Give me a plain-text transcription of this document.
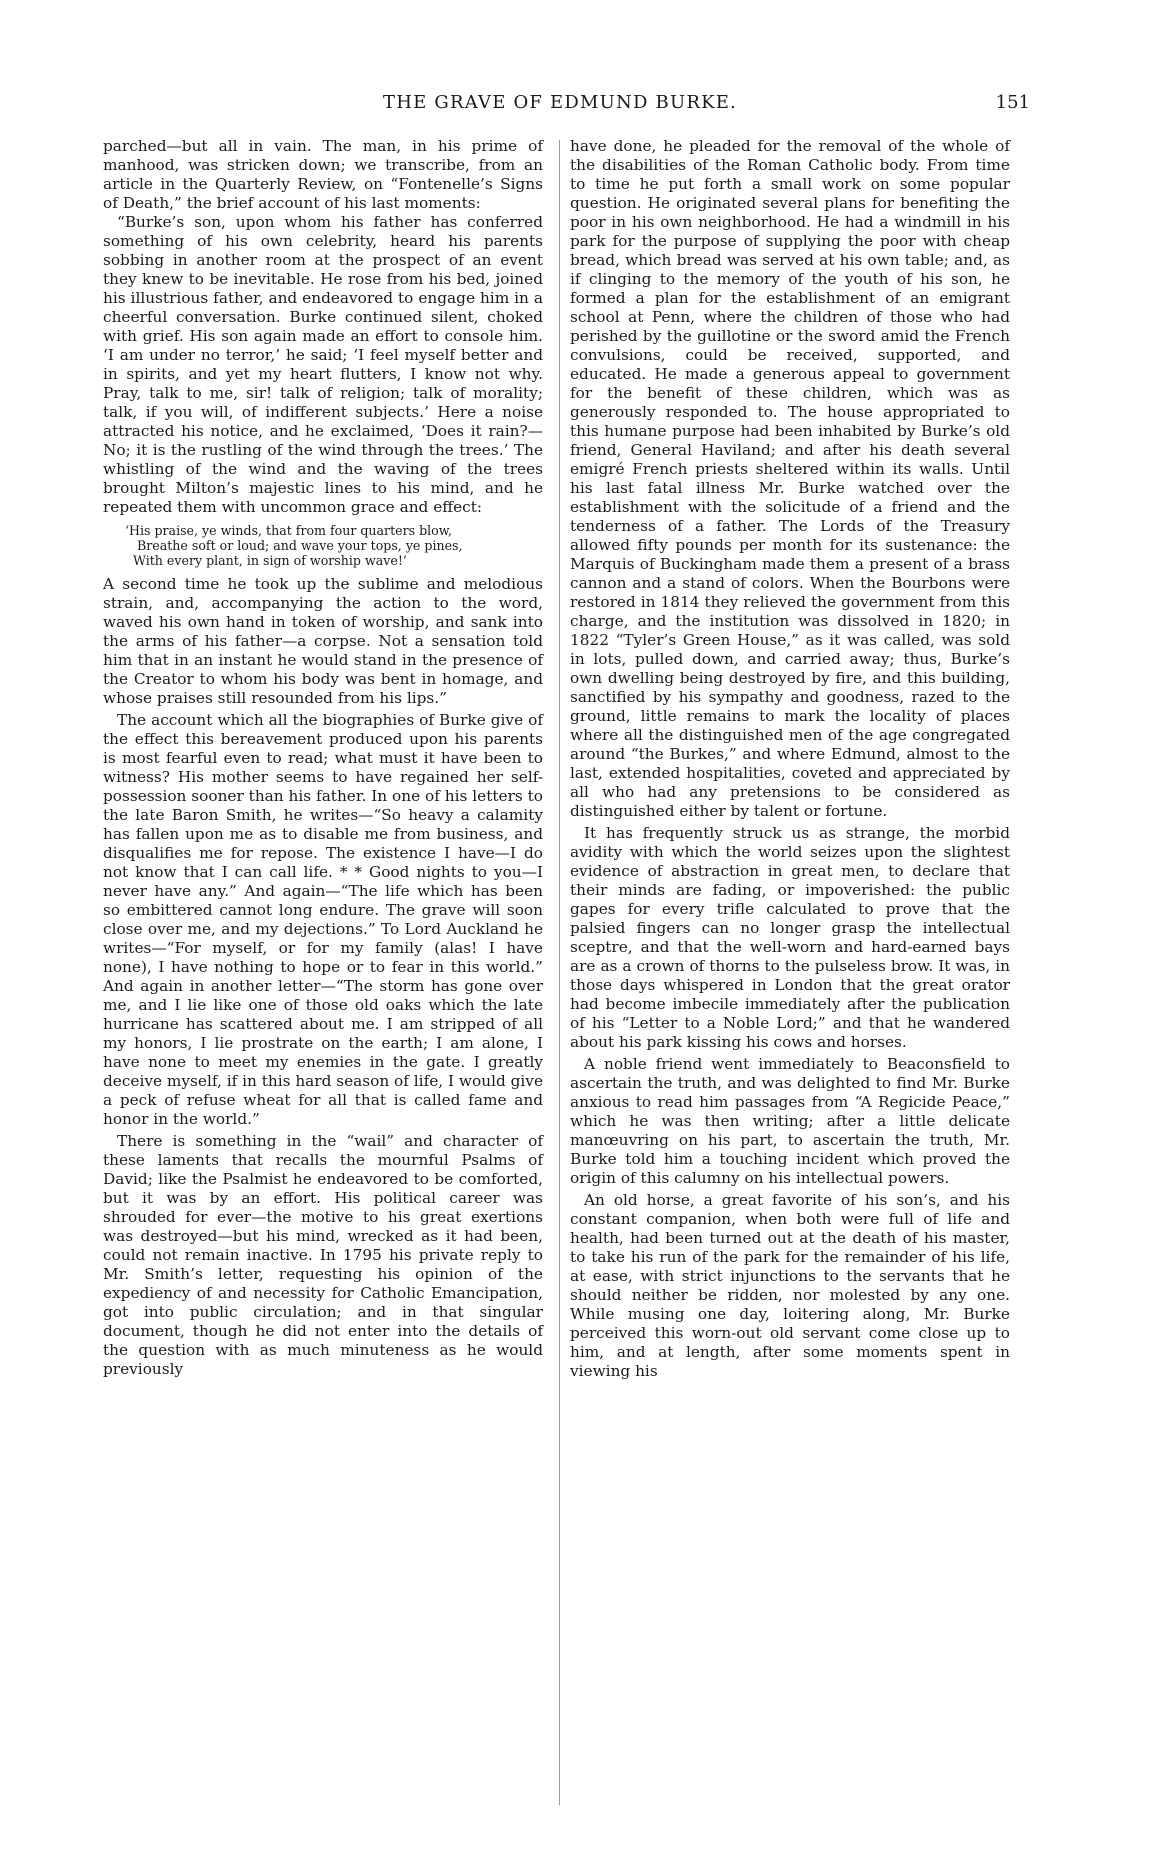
THE GRAVE OF EDMUND BURKE.	151

parched—but all in vain. The man, in his prime of manhood, was stricken down; we transcribe, from an article in the Quarterly Review, on “Fontenelle’s Signs of Death,” the brief account of his last moments:

“Burke’s son, upon whom his father has conferred something of his own celebrity, heard his parents sobbing in another room at the prospect of an event they knew to be inevitable. He rose from his bed, joined his illustrious father, and endeavored to engage him in a cheerful conversation. Burke continued silent, choked with grief. His son again made an effort to console him. ‘I am under no terror,’ he said; ‘I feel myself better and in spirits, and yet my heart flutters, I know not why. Pray, talk to me, sir! talk of religion; talk of morality; talk, if you will, of indifferent subjects.’ Here a noise attracted his notice, and he exclaimed, ‘Does it rain?—No; it is the rustling of the wind through the trees.’ The whistling of the wind and the waving of the trees brought Milton’s majestic lines to his mind, and he repeated them with uncommon grace and effect:

‘His praise, ye winds, that from four quarters blow,
Breathe soft or loud; and wave your tops, ye pines,
With every plant, in sign of worship wave!’

A second time he took up the sublime and melodious strain, and, accompanying the action to the word, waved his own hand in token of worship, and sank into the arms of his father—a corpse. Not a sensation told him that in an instant he would stand in the presence of the Creator to whom his body was bent in homage, and whose praises still resounded from his lips.”

The account which all the biographies of Burke give of the effect this bereavement produced upon his parents is most fearful even to read; what must it have been to witness? His mother seems to have regained her self-possession sooner than his father. In one of his letters to the late Baron Smith, he writes—“So heavy a calamity has fallen upon me as to disable me from business, and disqualifies me for repose. The existence I have—I do not know that I can call life. * * Good nights to you—I never have any.” And again—“The life which has been so embittered cannot long endure. The grave will soon close over me, and my dejections.” To Lord Auckland he writes—“For myself, or for my family (alas! I have none), I have nothing to hope or to fear in this world.” And again in another letter—“The storm has gone over me, and I lie like one of those old oaks which the late hurricane has scattered about me. I am stripped of all my honors, I lie prostrate on the earth; I am alone, I have none to meet my enemies in the gate. I greatly deceive myself, if in this hard season of life, I would give a peck of refuse wheat for all that is called fame and honor in the world.”

There is something in the “wail” and character of these laments that recalls the mournful Psalms of David; like the Psalmist he endeavored to be comforted, but it was by an effort. His political career was shrouded for ever—the motive to his great exertions was destroyed—but his mind, wrecked as it had been, could not remain inactive. In 1795 his private reply to Mr. Smith’s letter, requesting his opinion of the expediency of and necessity for Catholic Emancipation, got into public circulation; and in that singular document, though he did not enter into the details of the question with as much minuteness as he would previously

have done, he pleaded for the removal of the whole of the disabilities of the Roman Catholic body. From time to time he put forth a small work on some popular question. He originated several plans for benefiting the poor in his own neighborhood. He had a windmill in his park for the purpose of supplying the poor with cheap bread, which bread was served at his own table; and, as if clinging to the memory of the youth of his son, he formed a plan for the establishment of an emigrant school at Penn, where the children of those who had perished by the guillotine or the sword amid the French convulsions, could be received, supported, and educated. He made a generous appeal to government for the benefit of these children, which was as generously responded to. The house appropriated to this humane purpose had been inhabited by Burke’s old friend, General Haviland; and after his death several emigré French priests sheltered within its walls. Until his last fatal illness Mr. Burke watched over the establishment with the solicitude of a friend and the tenderness of a father. The Lords of the Treasury allowed fifty pounds per month for its sustenance: the Marquis of Buckingham made them a present of a brass cannon and a stand of colors. When the Bourbons were restored in 1814 they relieved the government from this charge, and the institution was dissolved in 1820; in 1822 “Tyler’s Green House,” as it was called, was sold in lots, pulled down, and carried away; thus, Burke’s own dwelling being destroyed by fire, and this building, sanctified by his sympathy and goodness, razed to the ground, little remains to mark the locality of places where all the distinguished men of the age congregated around “the Burkes,” and where Edmund, almost to the last, extended hospitalities, coveted and appreciated by all who had any pretensions to be considered as distinguished either by talent or fortune.

It has frequently struck us as strange, the morbid avidity with which the world seizes upon the slightest evidence of abstraction in great men, to declare that their minds are fading, or impoverished: the public gapes for every trifle calculated to prove that the palsied fingers can no longer grasp the intellectual sceptre, and that the well-worn and hard-earned bays are as a crown of thorns to the pulseless brow. It was, in those days whispered in London that the great orator had become imbecile immediately after the publication of his “Letter to a Noble Lord;” and that he wandered about his park kissing his cows and horses.

A noble friend went immediately to Beaconsfield to ascertain the truth, and was delighted to find Mr. Burke anxious to read him passages from “A Regicide Peace,” which he was then writing; after a little delicate manœuvring on his part, to ascertain the truth, Mr. Burke told him a touching incident which proved the origin of this calumny on his intellectual powers.

An old horse, a great favorite of his son’s, and his constant companion, when both were full of life and health, had been turned out at the death of his master, to take his run of the park for the remainder of his life, at ease, with strict injunctions to the servants that he should neither be ridden, nor molested by any one. While musing one day, loitering along, Mr. Burke perceived this worn-out old servant come close up to him, and at length, after some moments spent in viewing his
